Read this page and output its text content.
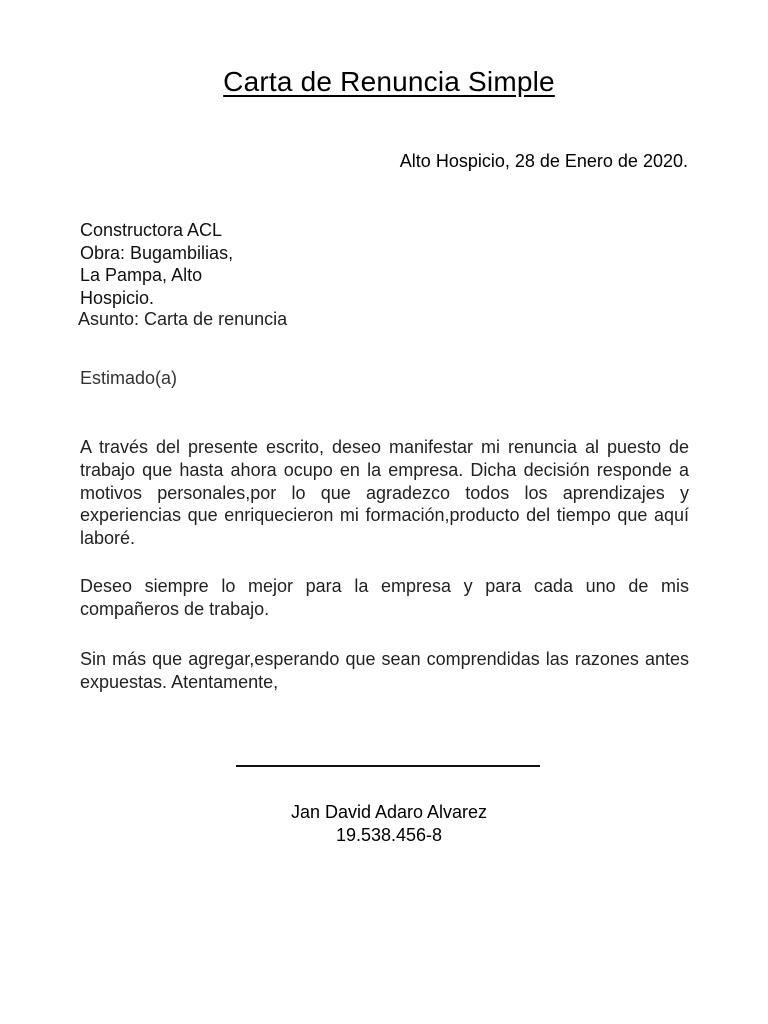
Carta de Renuncia Simple
Alto Hospicio, 28 de Enero de 2020.
Constructora ACL
Obra: Bugambilias,
La Pampa, Alto
Hospicio.
Asunto: Carta de renuncia
Estimado(a)
A través del presente escrito, deseo manifestar mi renuncia al puesto de trabajo que hasta ahora ocupo en la empresa. Dicha decisión responde a motivos personales,por lo que agradezco todos los aprendizajes y experiencias que enriquecieron mi formación,producto del tiempo que aquí laboré.
Deseo siempre lo mejor para la empresa y para cada uno de mis compañeros de trabajo.
Sin más que agregar,esperando que sean comprendidas las razones antes expuestas. Atentamente,
Jan David Adaro Alvarez
19.538.456-8
